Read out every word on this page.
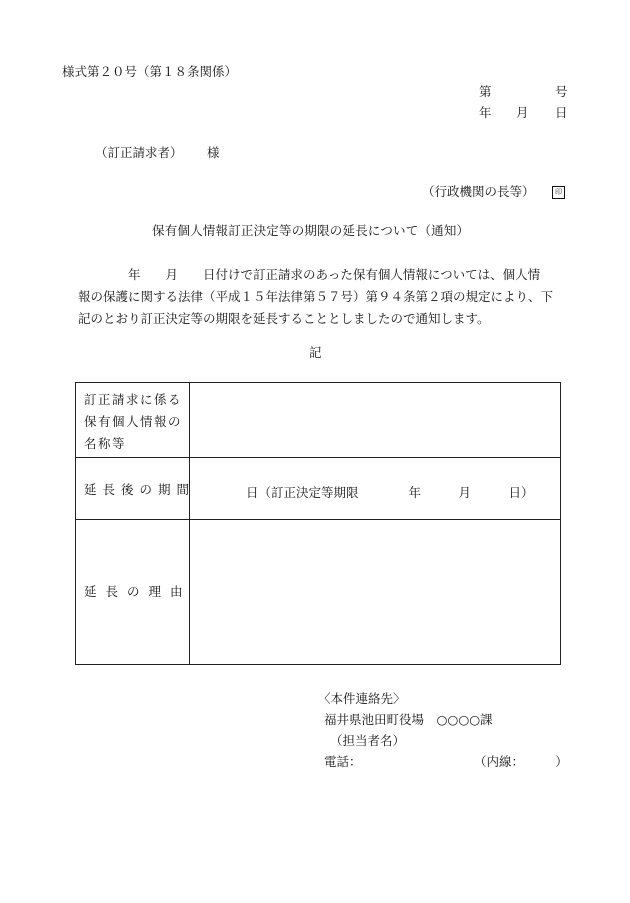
様式第２０号（第１８条関係）
第	号
年 月 日
（訂正請求者） 様
（行政機関の長等）	印
保有個人情報訂正決定等の期限の延長について（通知）
　　　　年　　月　　日付けで訂正請求のあった保有個人情報については、個人情
報の保護に関する法律（平成１５年法律第５７号）第９４条第２項の規定により、下
記のとおり訂正決定等の期限を延長することとしましたので通知します。
記
訂正請求に係る
保有個人情報の
名称等
延長後の期間	日（訂正決定等期限　　　　年　　　月　　　日）
延長の理由
〈本件連絡先〉
福井県池田町役場　○○○○課
（担当者名）
電話：　　　　　　　　　　（内線：　　　）
